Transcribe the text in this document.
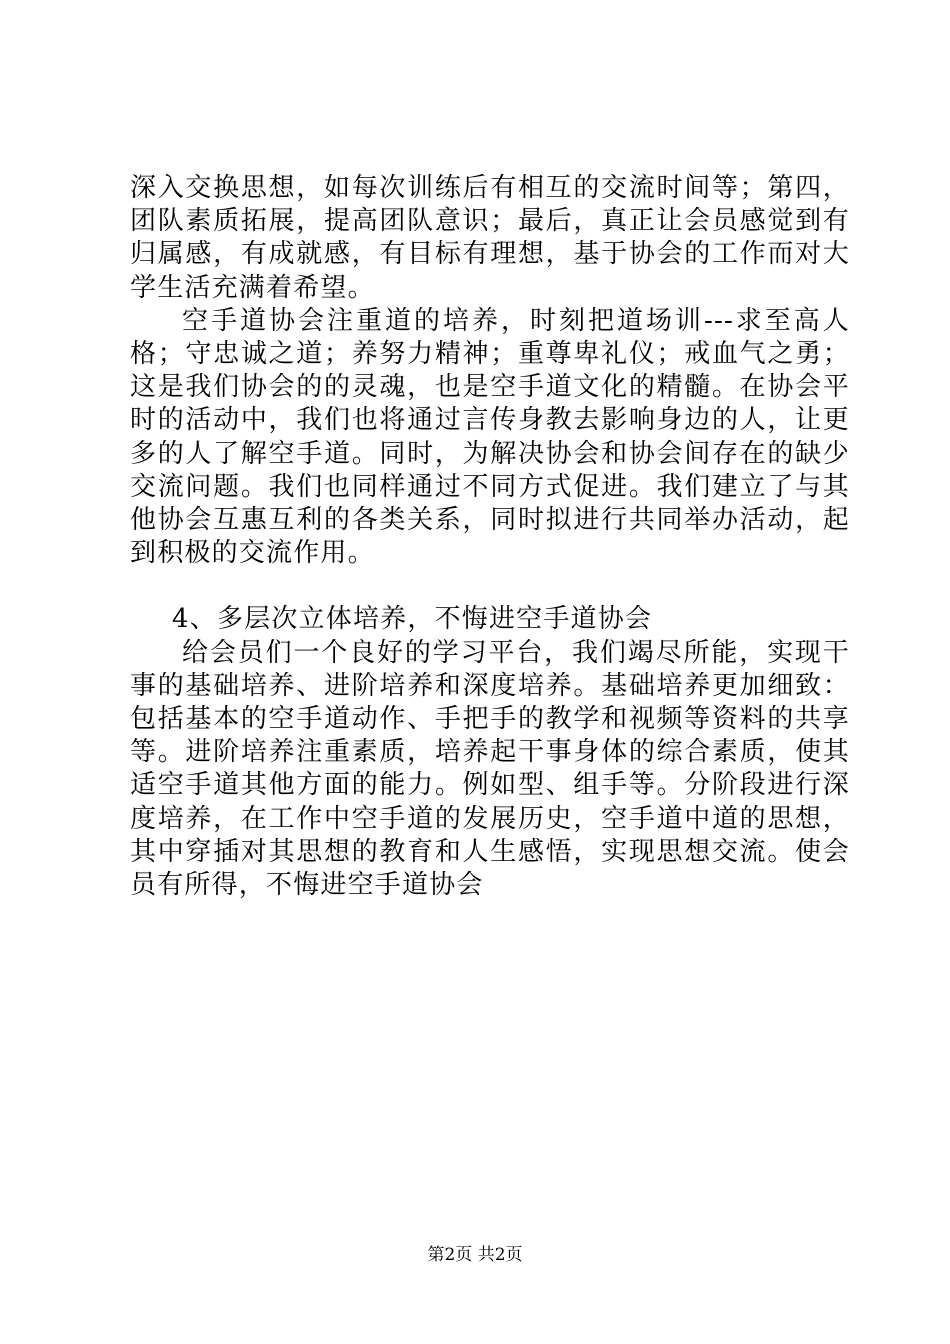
深入交换思想，如每次训练后有相互的交流时间等；第四，团队素质拓展，提高团队意识；最后，真正让会员感觉到有归属感，有成就感，有目标有理想，基于协会的工作而对大学生活充满着希望。

空手道协会注重道的培养，时刻把道场训---求至高人格；守忠诚之道；养努力精神；重尊卑礼仪；戒血气之勇；这是我们协会的的灵魂，也是空手道文化的精髓。在协会平时的活动中，我们也将通过言传身教去影响身边的人，让更多的人了解空手道。同时，为解决协会和协会间存在的缺少交流问题。我们也同样通过不同方式促进。我们建立了与其他协会互惠互利的各类关系，同时拟进行共同举办活动，起到积极的交流作用。

4、多层次立体培养，不悔进空手道协会

给会员们一个良好的学习平台，我们竭尽所能，实现干事的基础培养、进阶培养和深度培养。基础培养更加细致：包括基本的空手道动作、手把手的教学和视频等资料的共享等。进阶培养注重素质，培养起干事身体的综合素质，使其适空手道其他方面的能力。例如型、组手等。分阶段进行深度培养，在工作中空手道的发展历史，空手道中道的思想，其中穿插对其思想的教育和人生感悟，实现思想交流。使会员有所得，不悔进空手道协会

第2页 共2页
